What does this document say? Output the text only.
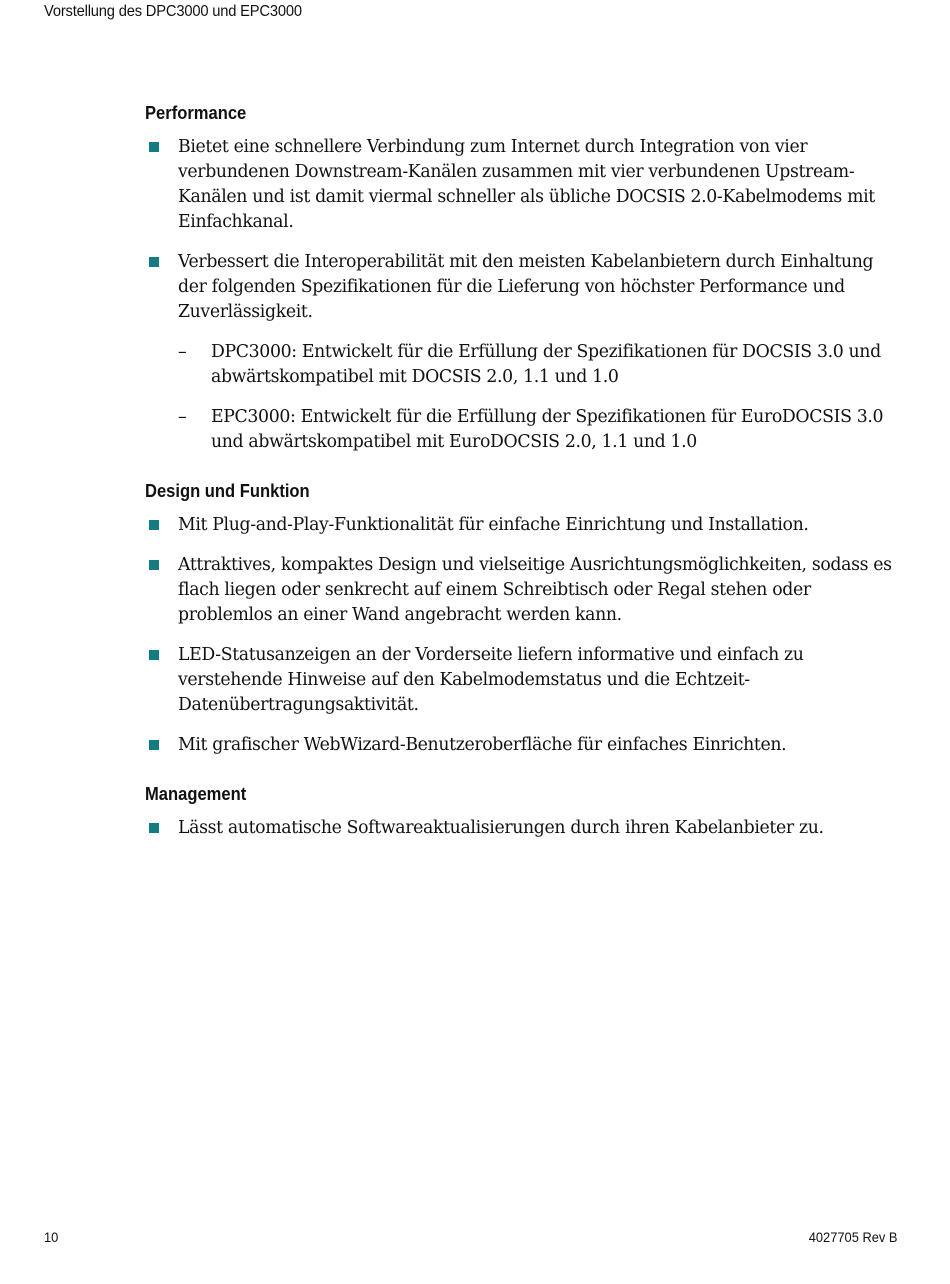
Vorstellung des DPC3000 und EPC3000
Performance
Bietet eine schnellere Verbindung zum Internet durch Integration von vier verbundenen Downstream-Kanälen zusammen mit vier verbundenen Upstream-Kanälen und ist damit viermal schneller als übliche DOCSIS 2.0-Kabelmodems mit Einfachkanal.
Verbessert die Interoperabilität mit den meisten Kabelanbietern durch Einhaltung der folgenden Spezifikationen für die Lieferung von höchster Performance und Zuverlässigkeit.
– DPC3000: Entwickelt für die Erfüllung der Spezifikationen für DOCSIS 3.0 und abwärtskompatibel mit DOCSIS 2.0, 1.1 und 1.0
– EPC3000: Entwickelt für die Erfüllung der Spezifikationen für EuroDOCSIS 3.0 und abwärtskompatibel mit EuroDOCSIS 2.0, 1.1 und 1.0
Design und Funktion
Mit Plug-and-Play-Funktionalität für einfache Einrichtung und Installation.
Attraktives, kompaktes Design und vielseitige Ausrichtungsmöglichkeiten, sodass es flach liegen oder senkrecht auf einem Schreibtisch oder Regal stehen oder problemlos an einer Wand angebracht werden kann.
LED-Statusanzeigen an der Vorderseite liefern informative und einfach zu verstehende Hinweise auf den Kabelmodemstatus und die Echtzeit-Datenübertragungsaktivität.
Mit grafischer WebWizard-Benutzeroberfläche für einfaches Einrichten.
Management
Lässt automatische Softwareaktualisierungen durch ihren Kabelanbieter zu.
10	4027705 Rev B
